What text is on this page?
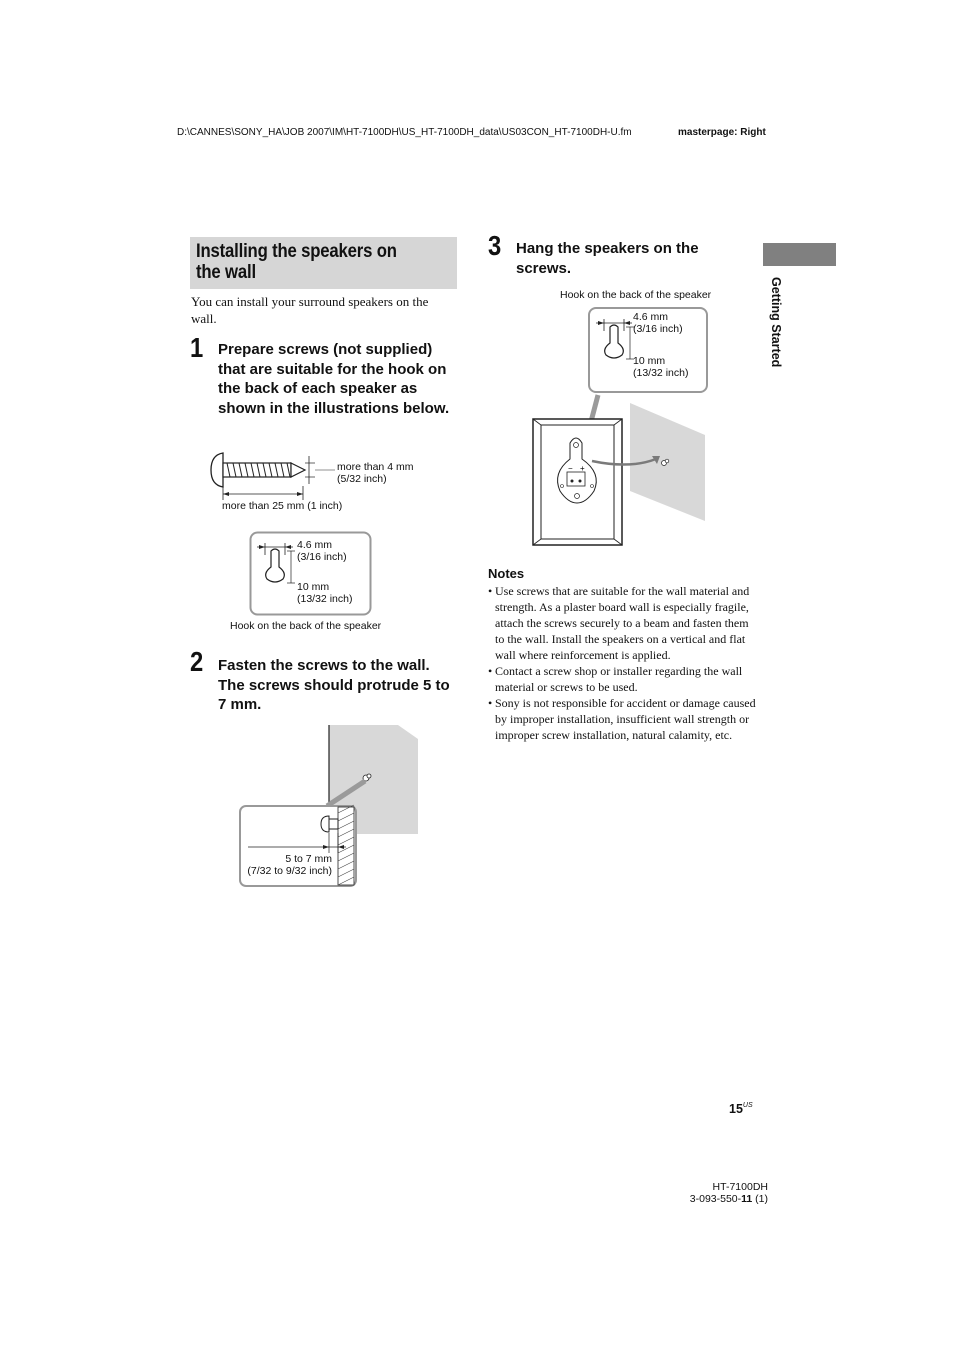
D:\CANNES\SONY_HA\JOB 2007\IM\HT-7100DH\US_HT-7100DH_data\US03CON_HT-7100DH-U.fm	masterpage: Right
Installing the speakers on the wall
You can install your surround speakers on the wall.
1 Prepare screws (not supplied) that are suitable for the hook on the back of each speaker as shown in the illustrations below.
more than 4 mm
(5/32 inch)
more than 25 mm (1 inch)
4.6 mm
(3/16 inch)
10 mm
(13/32 inch)
Hook on the back of the speaker
2 Fasten the screws to the wall. The screws should protrude 5 to 7 mm.
5 to 7 mm
(7/32 to 9/32 inch)
3 Hang the speakers on the screws.
Hook on the back of the speaker
− +
4.6 mm
(3/16 inch)
10 mm
(13/32 inch)
Notes
• Use screws that are suitable for the wall material and strength. As a plaster board wall is especially fragile, attach the screws securely to a beam and fasten them to the wall. Install the speakers on a vertical and flat wall where reinforcement is applied.
• Contact a screw shop or installer regarding the wall material or screws to be used.
• Sony is not responsible for accident or damage caused by improper installation, insufficient wall strength or improper screw installation, natural calamity, etc.
Getting Started
$15^{US}$
HT-7100DH
3-093-550-11 (1)
